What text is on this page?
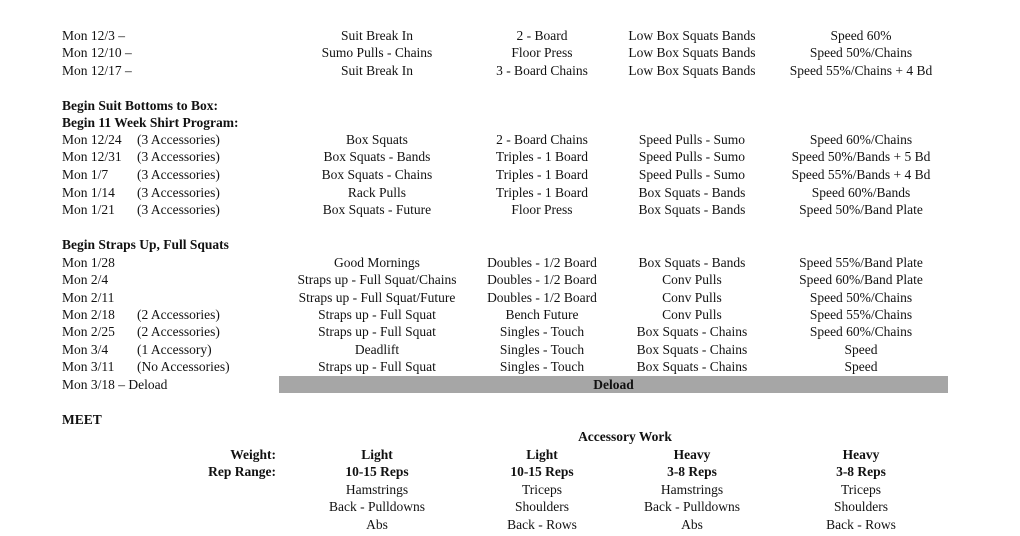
Mon 12/3 –	Suit Break In	2 - Board	Low Box Squats Bands	Speed 60%
Mon 12/10 –	Sumo Pulls - Chains	Floor Press	Low Box Squats Bands	Speed 50%/Chains
Mon 12/17 –	Suit Break In	3 - Board Chains	Low Box Squats Bands	Speed 55%/Chains + 4 Bd
Begin Suit Bottoms to Box:
Begin 11 Week Shirt Program:
Mon 12/24 (3 Accessories)	Box Squats	2 - Board Chains	Speed Pulls - Sumo	Speed 60%/Chains
Mon 12/31 (3 Accessories)	Box Squats - Bands	Triples - 1 Board	Speed Pulls - Sumo	Speed 50%/Bands + 5 Bd
Mon 1/7 (3 Accessories)	Box Squats - Chains	Triples - 1 Board	Speed Pulls - Sumo	Speed 55%/Bands + 4 Bd
Mon 1/14 (3 Accessories)	Rack Pulls	Triples - 1 Board	Box Squats - Bands	Speed 60%/Bands
Mon 1/21 (3 Accessories)	Box Squats - Future	Floor Press	Box Squats - Bands	Speed 50%/Band Plate
Begin Straps Up, Full Squats
Mon 1/28	Good Mornings	Doubles - 1/2 Board	Box Squats - Bands	Speed 55%/Band Plate
Mon 2/4	Straps up - Full Squat/Chains	Doubles - 1/2 Board	Conv Pulls	Speed 60%/Band Plate
Mon 2/11	Straps up - Full Squat/Future	Doubles - 1/2 Board	Conv Pulls	Speed 50%/Chains
Mon 2/18 (2 Accessories)	Straps up - Full Squat	Bench Future	Conv Pulls	Speed 55%/Chains
Mon 2/25 (2 Accessories)	Straps up - Full Squat	Singles - Touch	Box Squats - Chains	Speed 60%/Chains
Mon 3/4 (1 Accessory)	Deadlift	Singles - Touch	Box Squats - Chains	Speed
Mon 3/11 (No Accessories)	Straps up - Full Squat	Singles - Touch	Box Squats - Chains	Speed
Mon 3/18 – Deload	Deload
MEET
Accessory Work
Weight:	Light	Light	Heavy	Heavy
Rep Range:	10-15 Reps	10-15 Reps	3-8 Reps	3-8 Reps
Hamstrings	Triceps	Hamstrings	Triceps
Back - Pulldowns	Shoulders	Back - Pulldowns	Shoulders
Abs	Back - Rows	Abs	Back - Rows
